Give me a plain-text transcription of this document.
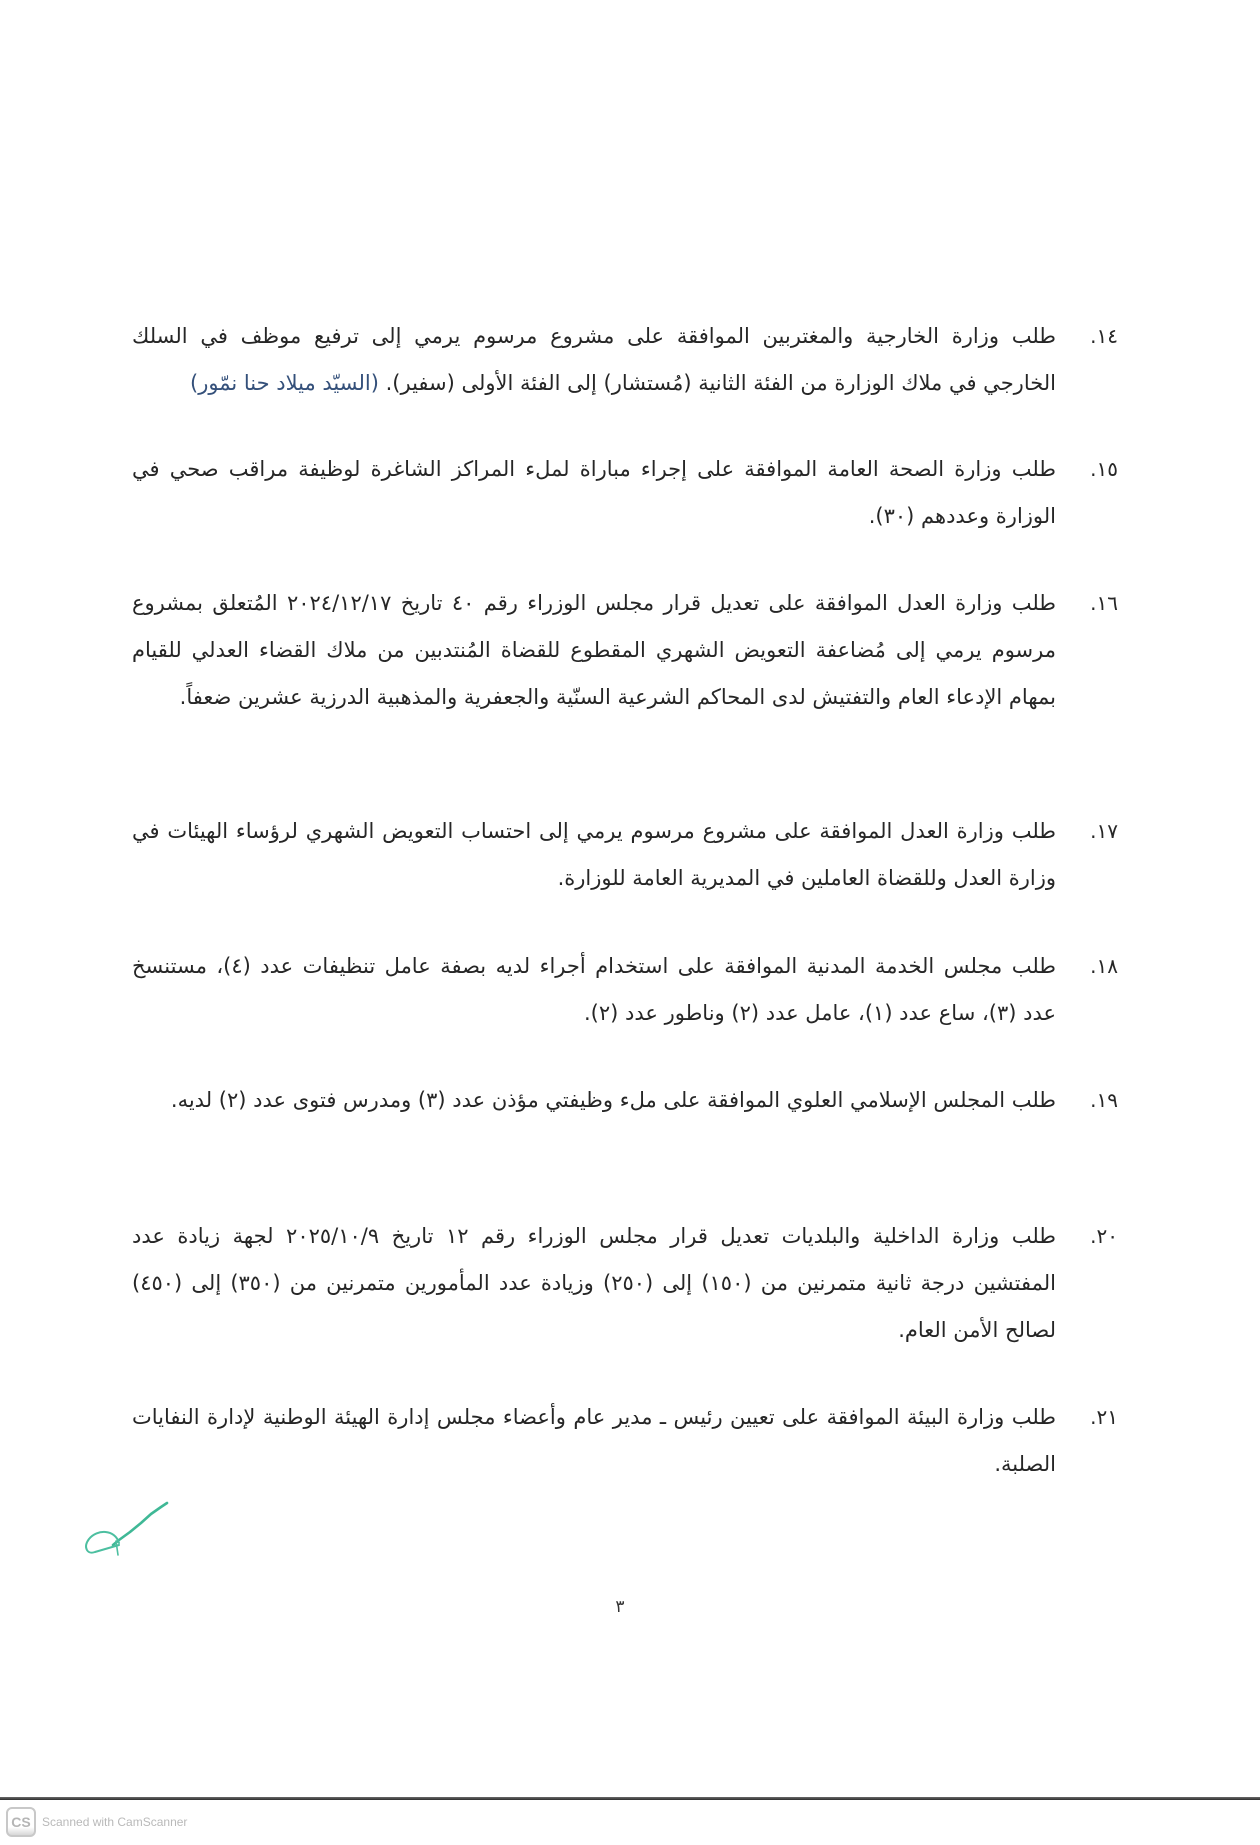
١٤.
طلب وزارة الخارجية والمغتربين الموافقة على مشروع مرسوم يرمي إلى ترفيع موظف في السلك الخارجي في ملاك الوزارة من الفئة الثانية (مُستشار) إلى الفئة الأولى (سفير). (السيّد ميلاد حنا نمّور)
١٥.
طلب وزارة الصحة العامة الموافقة على إجراء مباراة لملء المراكز الشاغرة لوظيفة مراقب صحي في الوزارة وعددهم (٣٠).
١٦.
طلب وزارة العدل الموافقة على تعديل قرار مجلس الوزراء رقم ٤٠ تاريخ ٢٠٢٤/١٢/١٧ المُتعلق بمشروع مرسوم يرمي إلى مُضاعفة التعويض الشهري المقطوع للقضاة المُنتدبين من ملاك القضاء العدلي للقيام بمهام الإدعاء العام والتفتيش لدى المحاكم الشرعية السنّية والجعفرية والمذهبية الدرزية عشرين ضعفاً.
١٧.
طلب وزارة العدل الموافقة على مشروع مرسوم يرمي إلى احتساب التعويض الشهري لرؤساء الهيئات في وزارة العدل وللقضاة العاملين في المديرية العامة للوزارة.
١٨.
طلب مجلس الخدمة المدنية الموافقة على استخدام أجراء لديه بصفة عامل تنظيفات عدد (٤)، مستنسخ عدد (٣)، ساع عدد (١)، عامل عدد (٢) وناطور عدد (٢).
١٩.
طلب المجلس الإسلامي العلوي الموافقة على ملء وظيفتي مؤذن عدد (٣) ومدرس فتوى عدد (٢) لديه.
٢٠.
طلب وزارة الداخلية والبلديات تعديل قرار مجلس الوزراء رقم ١٢ تاريخ ٢٠٢٥/١٠/٩ لجهة زيادة عدد المفتشين درجة ثانية متمرنين من (١٥٠) إلى (٢٥٠) وزيادة عدد المأمورين متمرنين من (٣٥٠) إلى (٤٥٠) لصالح الأمن العام.
٢١.
طلب وزارة البيئة الموافقة على تعيين رئيس ـ مدير عام وأعضاء مجلس إدارة الهيئة الوطنية لإدارة النفايات الصلبة.
٣
CS Scanned with CamScanner
